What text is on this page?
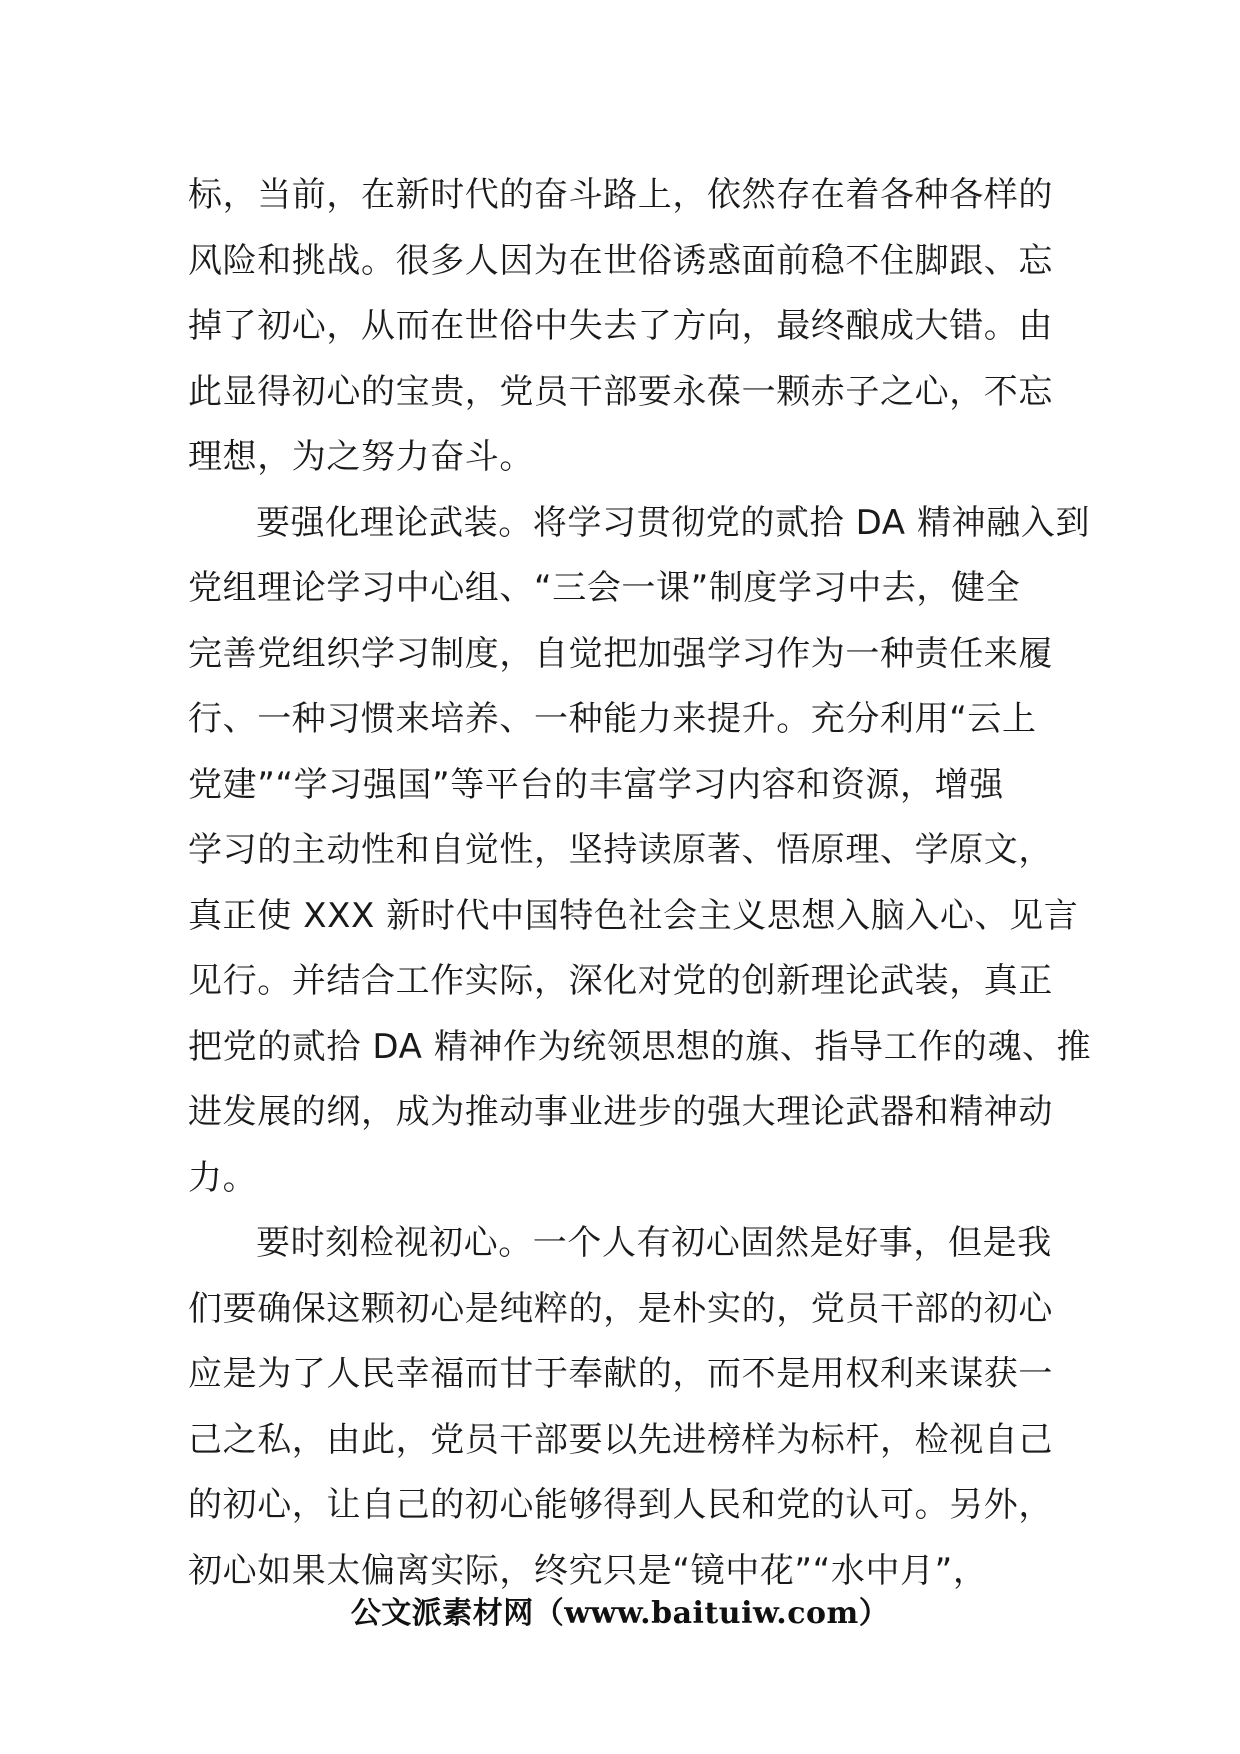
标，当前，在新时代的奋斗路上，依然存在着各种各样的
风险和挑战。很多人因为在世俗诱惑面前稳不住脚跟、忘
掉了初心，从而在世俗中失去了方向，最终酿成大错。由
此显得初心的宝贵，党员干部要永葆一颗赤子之心，不忘
理想，为之努力奋斗。
要强化理论武装。将学习贯彻党的贰拾 DA 精神融入到
党组理论学习中心组、“三会一课”制度学习中去，健全
完善党组织学习制度，自觉把加强学习作为一种责任来履
行、一种习惯来培养、一种能力来提升。充分利用“云上
党建”“学习强国”等平台的丰富学习内容和资源，增强
学习的主动性和自觉性，坚持读原著、悟原理、学原文，
真正使 XXX 新时代中国特色社会主义思想入脑入心、见言
见行。并结合工作实际，深化对党的创新理论武装，真正
把党的贰拾 DA 精神作为统领思想的旗、指导工作的魂、推
进发展的纲，成为推动事业进步的强大理论武器和精神动
力。
要时刻检视初心。一个人有初心固然是好事，但是我
们要确保这颗初心是纯粹的，是朴实的，党员干部的初心
应是为了人民幸福而甘于奉献的，而不是用权利来谋获一
己之私，由此，党员干部要以先进榜样为标杆，检视自己
的初心，让自己的初心能够得到人民和党的认可。另外，
初心如果太偏离实际，终究只是“镜中花”“水中月”，
公文派素材网（www.baituiw.com）
